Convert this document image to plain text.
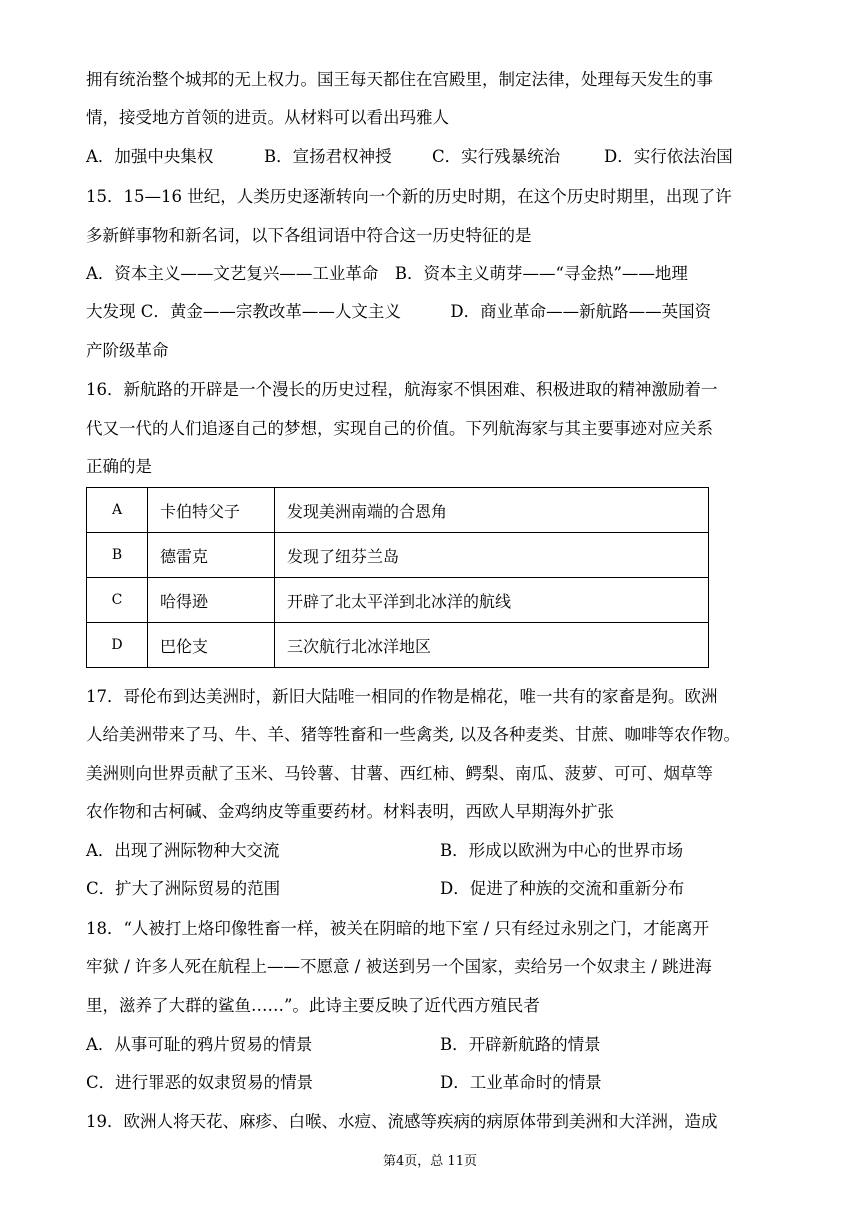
拥有统治整个城邦的无上权力。国王每天都住在宫殿里，制定法律，处理每天发生的事
情，接受地方首领的进贡。从材料可以看出玛雅人
15．15—16 世纪，人类历史逐渐转向一个新的历史时期，在这个历史时期里，出现了许
多新鲜事物和新名词，以下各组词语中符合这一历史特征的是
A．资本主义——文艺复兴——工业革命　B．资本主义萌芽——“寻金热”——地理
大发现 C．黄金——宗教改革——人文主义　　　D．商业革命——新航路——英国资
产阶级革命
16．新航路的开辟是一个漫长的历史过程，航海家不惧困难、积极进取的精神激励着一
代又一代的人们追逐自己的梦想，实现自己的价值。下列航海家与其主要事迹对应关系
正确的是
17．哥伦布到达美洲时，新旧大陆唯一相同的作物是棉花，唯一共有的家畜是狗。欧洲
人给美洲带来了马、牛、羊、猪等牲畜和一些禽类, 以及各种麦类、甘蔗、咖啡等农作物。
美洲则向世界贡献了玉米、马铃薯、甘薯、西红柿、鳄梨、南瓜、菠萝、可可、烟草等
农作物和古柯碱、金鸡纳皮等重要药材。材料表明，西欧人早期海外扩张
18．“人被打上烙印像牲畜一样，被关在阴暗的地下室 / 只有经过永别之门，才能离开
牢狱 / 许多人死在航程上——不愿意 / 被送到另一个国家，卖给另一个奴隶主 / 跳进海
里，滋养了大群的鲨鱼……”。此诗主要反映了近代西方殖民者
19．欧洲人将天花、麻疹、白喉、水痘、流感等疾病的病原体带到美洲和大洋洲，造成
A．加强中央集权	B．宣扬君权神授 C．实行残暴统治	D．实行依法治国
A．出现了洲际物种大交流	B．形成以欧洲为中心的世界市场
C．扩大了洲际贸易的范围	D．促进了种族的交流和重新分布
A．从事可耻的鸦片贸易的情景	B．开辟新航路的情景
C．进行罪恶的奴隶贸易的情景	D．工业革命时的情景
A	卡伯特父子	发现美洲南端的合恩角
B	德雷克	发现了纽芬兰岛
C	哈得逊	开辟了北太平洋到北冰洋的航线
D	巴伦支	三次航行北冰洋地区
第4页，总 11页
